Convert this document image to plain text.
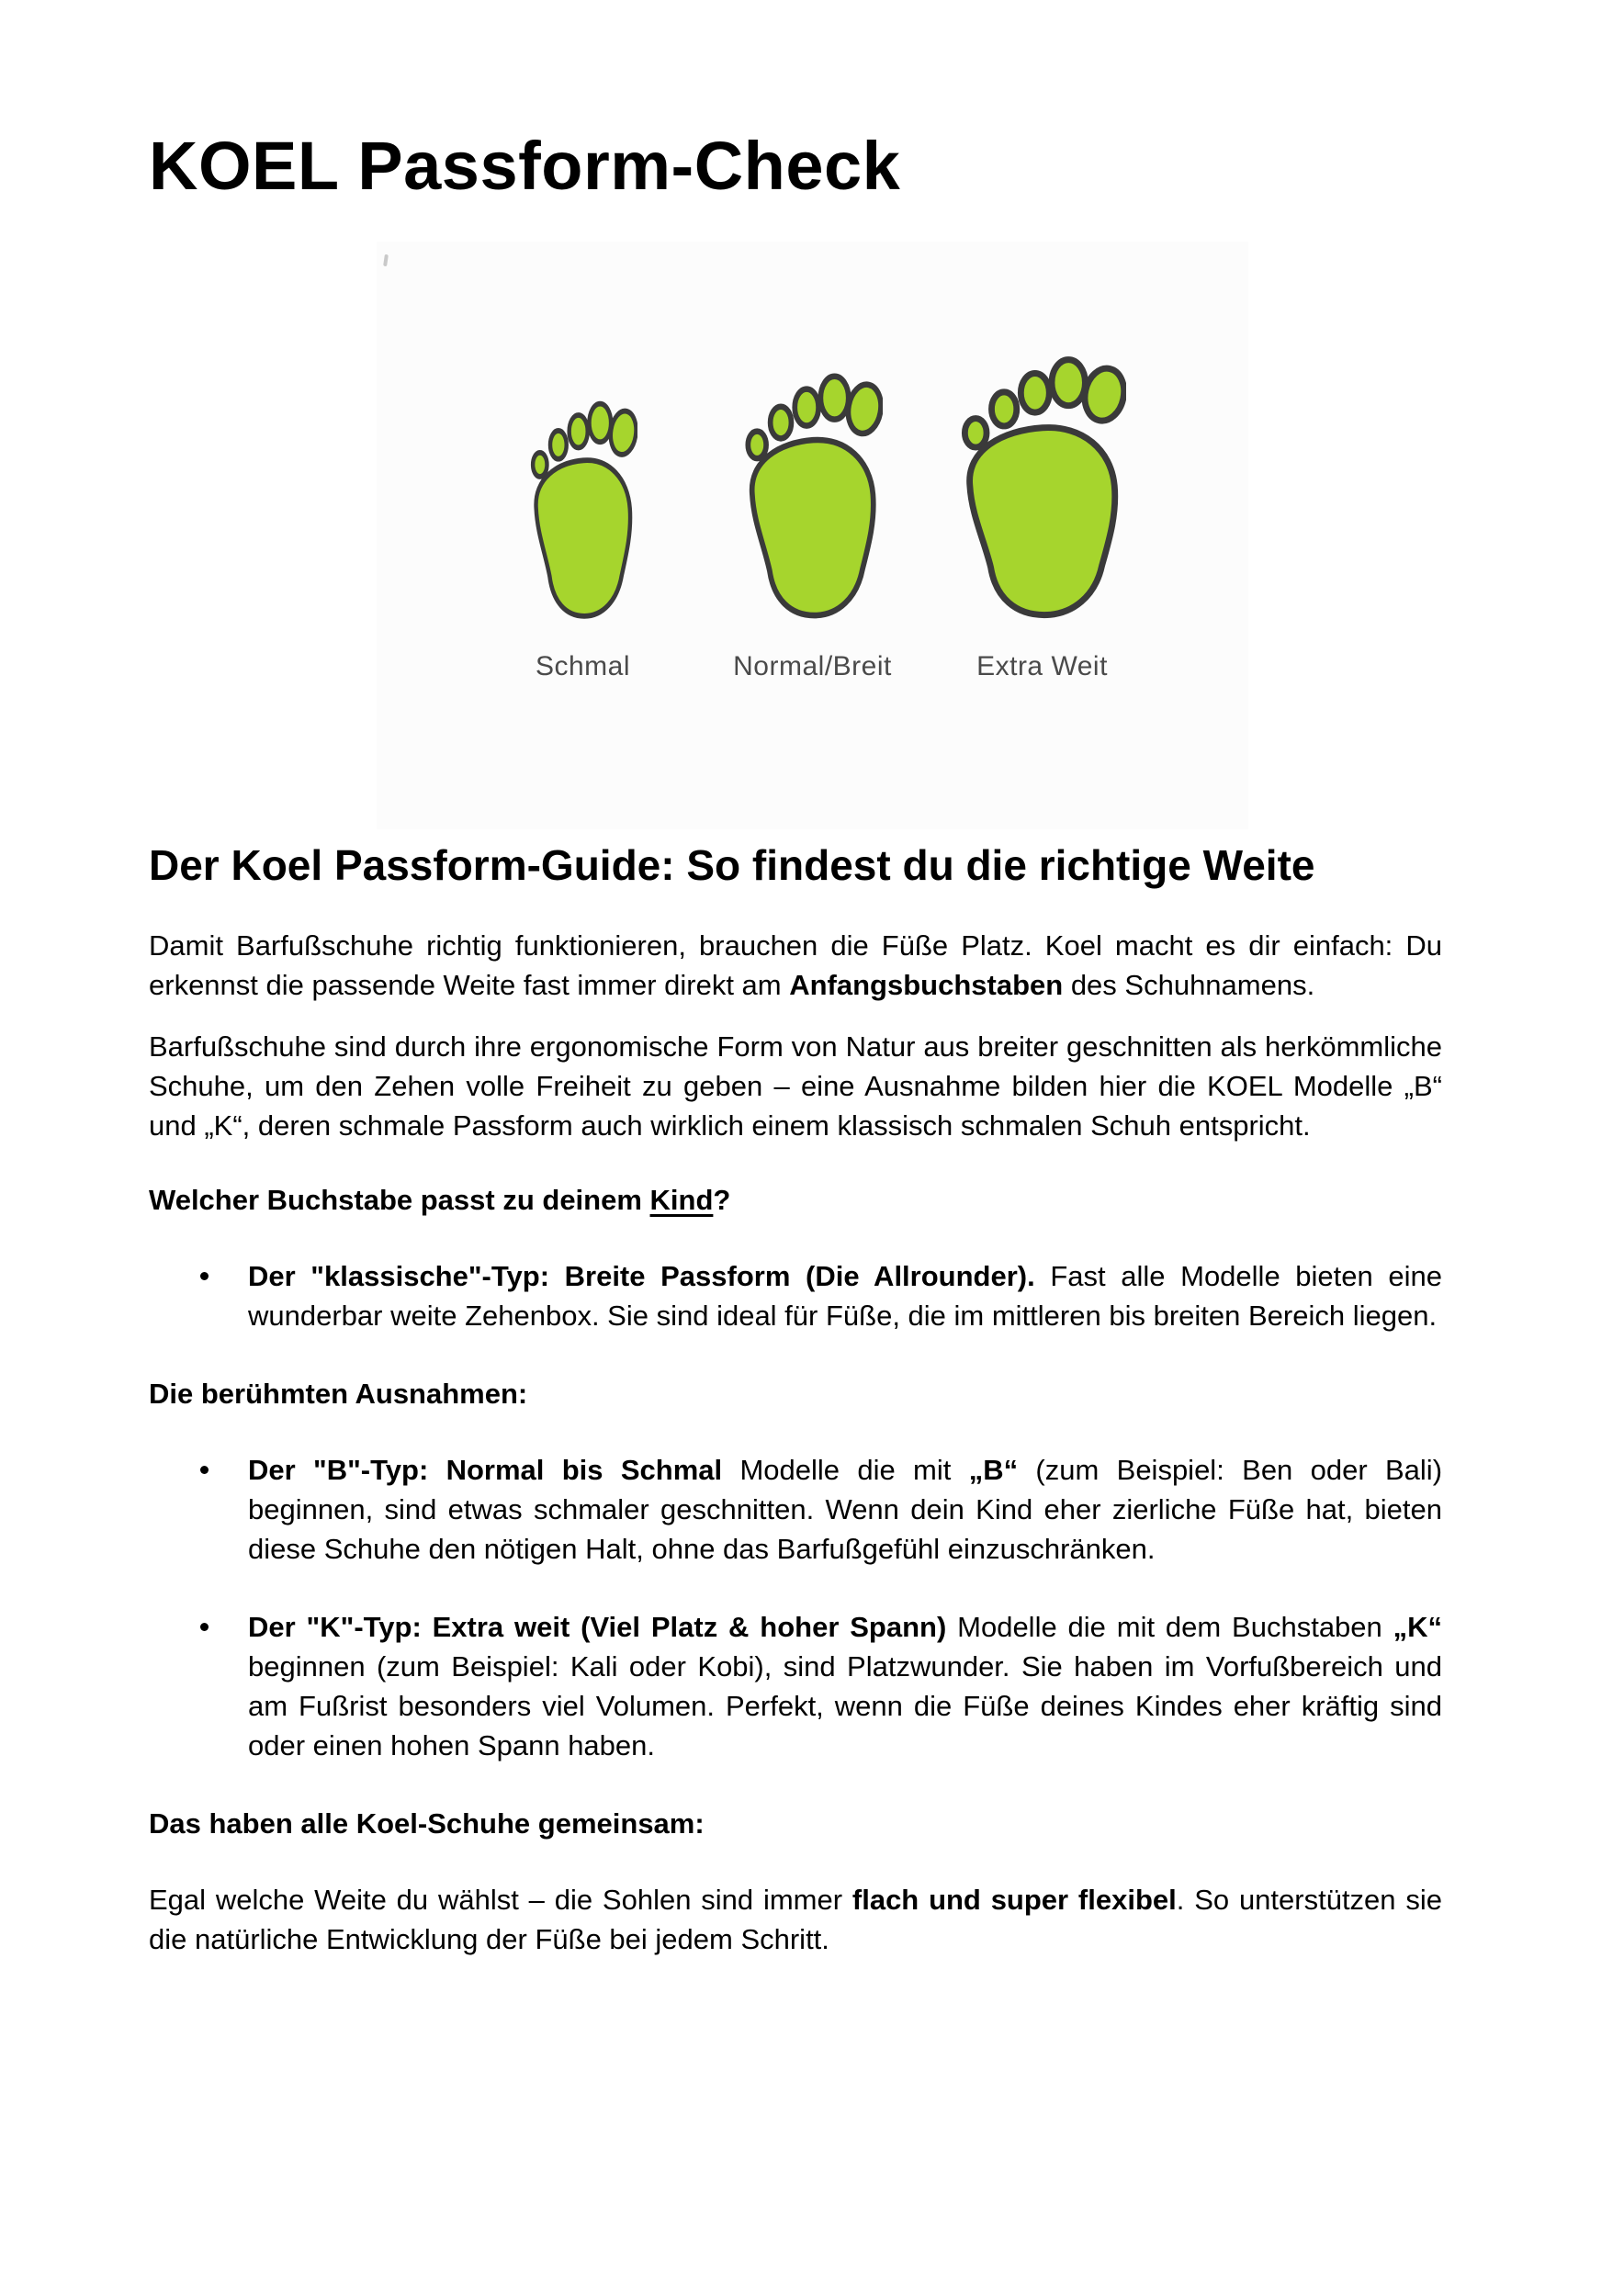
KOEL Passform-Check
Schmal	Normal/Breit	Extra Weit
Der Koel Passform-Guide: So findest du die richtige Weite

Damit Barfußschuhe richtig funktionieren, brauchen die Füße Platz. Koel macht es dir einfach: Du erkennst die passende Weite fast immer direkt am Anfangsbuchstaben des Schuhnamens.

Barfußschuhe sind durch ihre ergonomische Form von Natur aus breiter geschnitten als herkömmliche Schuhe, um den Zehen volle Freiheit zu geben – eine Ausnahme bilden hier die KOEL Modelle „B“ und „K“, deren schmale Passform auch wirklich einem klassisch schmalen Schuh entspricht.

Welcher Buchstabe passt zu deinem Kind?

Der "klassische"-Typ: Breite Passform (Die Allrounder). Fast alle Modelle bieten eine wunderbar weite Zehenbox. Sie sind ideal für Füße, die im mittleren bis breiten Bereich liegen.

Die berühmten Ausnahmen:

Der "B"-Typ: Normal bis Schmal Modelle die mit „B“ (zum Beispiel: Ben oder Bali) beginnen, sind etwas schmaler geschnitten. Wenn dein Kind eher zierliche Füße hat, bieten diese Schuhe den nötigen Halt, ohne das Barfußgefühl einzuschränken.
Der "K"-Typ: Extra weit (Viel Platz & hoher Spann) Modelle die mit dem Buchstaben „K“ beginnen (zum Beispiel: Kali oder Kobi), sind Platzwunder. Sie haben im Vorfußbereich und am Fußrist besonders viel Volumen. Perfekt, wenn die Füße deines Kindes eher kräftig sind oder einen hohen Spann haben.

Das haben alle Koel-Schuhe gemeinsam:

Egal welche Weite du wählst – die Sohlen sind immer flach und super flexibel. So unterstützen sie die natürliche Entwicklung der Füße bei jedem Schritt.
